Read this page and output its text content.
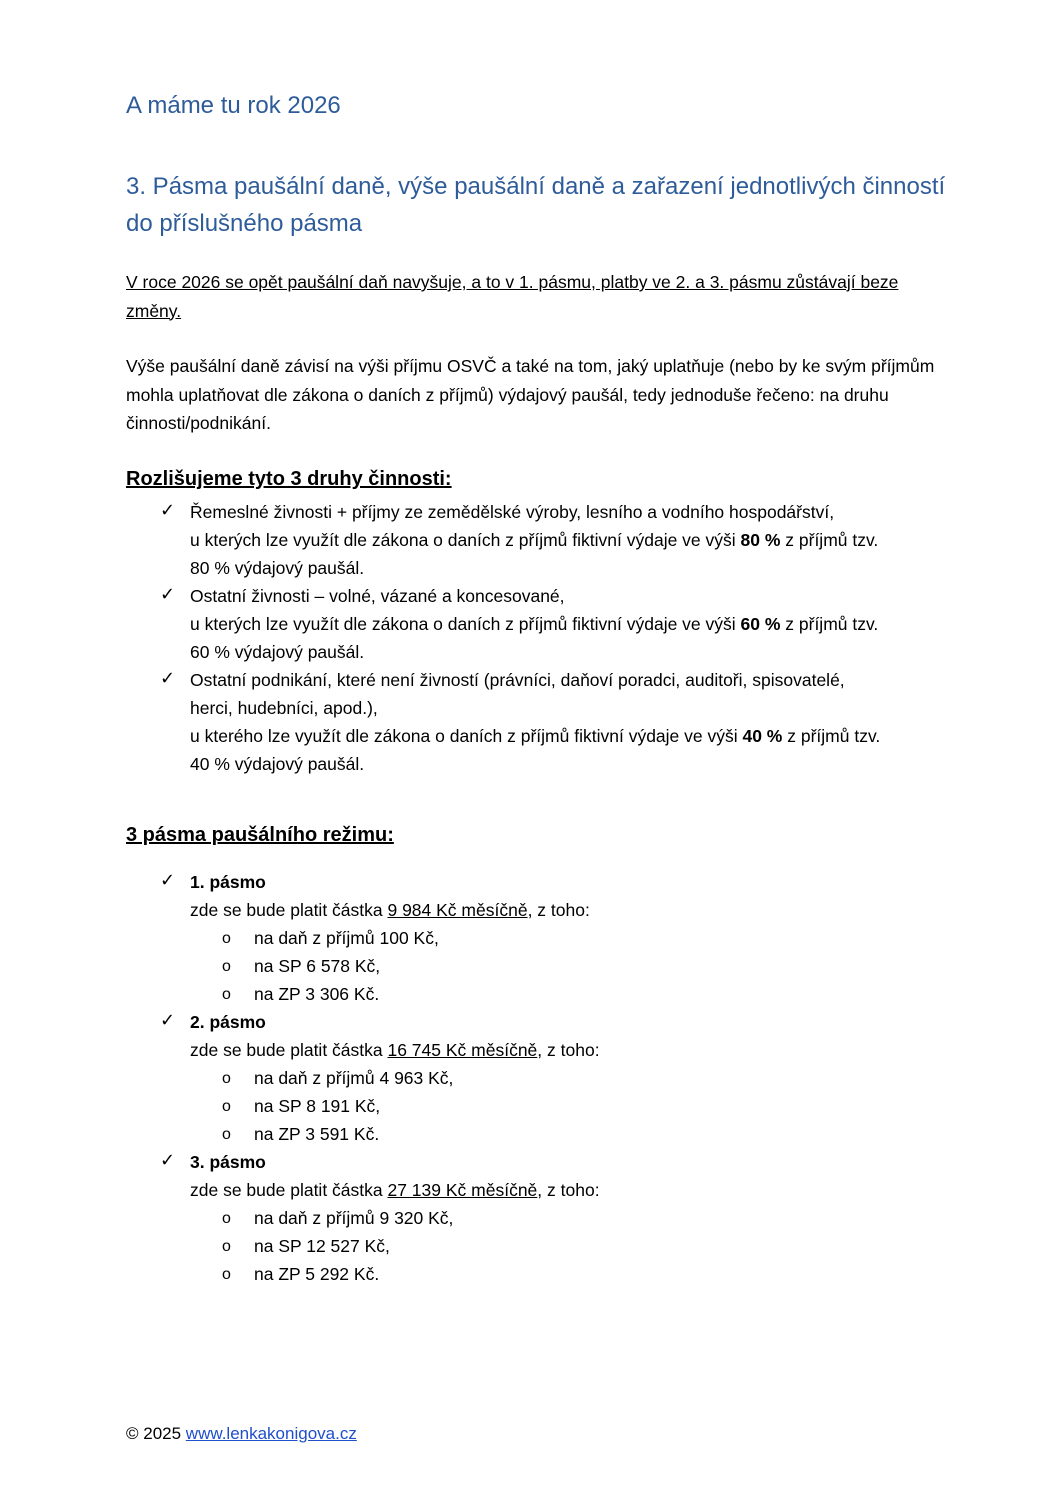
A máme tu rok 2026
3. Pásma paušální daně, výše paušální daně a zařazení jednotlivých činností do příslušného pásma

V roce 2026 se opět paušální daň navyšuje, a to v 1. pásmu, platby ve 2. a 3. pásmu zůstávají beze změny.

Výše paušální daně závisí na výši příjmu OSVČ a také na tom, jaký uplatňuje (nebo by ke svým příjmům mohla uplatňovat dle zákona o daních z příjmů) výdajový paušál, tedy jednoduše řečeno: na druhu činnosti/podnikání.

Rozlišujeme tyto 3 druhy činnosti:
✓ Řemeslné živnosti + příjmy ze zemědělské výroby, lesního a vodního hospodářství,
u kterých lze využít dle zákona o daních z příjmů fiktivní výdaje ve výši 80 % z příjmů tzv.
80 % výdajový paušál.
✓ Ostatní živnosti – volné, vázané a koncesované,
u kterých lze využít dle zákona o daních z příjmů fiktivní výdaje ve výši 60 % z příjmů tzv.
60 % výdajový paušál.
✓ Ostatní podnikání, které není živností (právníci, daňoví poradci, auditoři, spisovatelé,
herci, hudebníci, apod.),
u kterého lze využít dle zákona o daních z příjmů fiktivní výdaje ve výši 40 % z příjmů tzv.
40 % výdajový paušál.
3 pásma paušálního režimu:
✓ 1. pásmo
zde se bude platit částka 9 984 Kč měsíčně, z toho:
o na daň z příjmů 100 Kč,
o na SP 6 578 Kč,
o na ZP 3 306 Kč.
✓ 2. pásmo
zde se bude platit částka 16 745 Kč měsíčně, z toho:
o na daň z příjmů 4 963 Kč,
o na SP 8 191 Kč,
o na ZP 3 591 Kč.
✓ 3. pásmo
zde se bude platit částka 27 139 Kč měsíčně, z toho:
o na daň z příjmů 9 320 Kč,
o na SP 12 527 Kč,
o na ZP 5 292 Kč.
© 2025 www.lenkakonigova.cz
